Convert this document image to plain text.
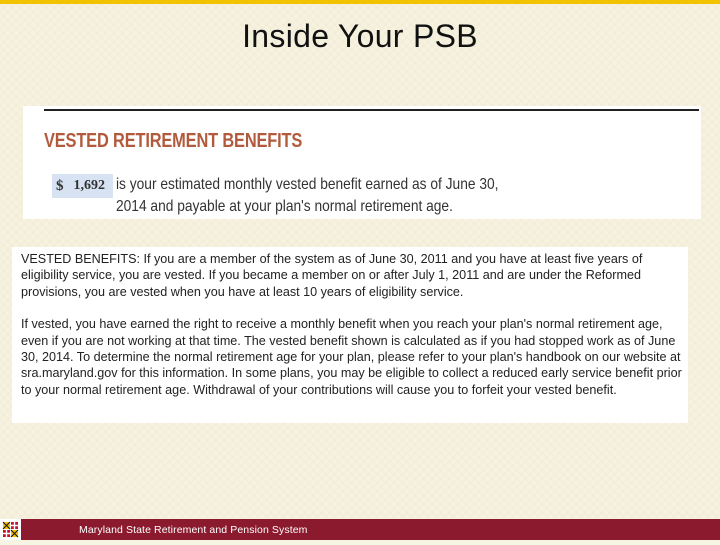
Inside Your PSB
VESTED RETIREMENT BENEFITS
$ 1,692 is your estimated monthly vested benefit earned as of June 30, 2014 and payable at your plan's normal retirement age.

VESTED BENEFITS: If you are a member of the system as of June 30, 2011 and you have at least five years of eligibility service, you are vested. If you became a member on or after July 1, 2011 and are under the Reformed provisions, you are vested when you have at least 10 years of eligibility service.

If vested, you have earned the right to receive a monthly benefit when you reach your plan's normal retirement age, even if you are not working at that time. The vested benefit shown is calculated as if you had stopped work as of June 30, 2014. To determine the normal retirement age for your plan, please refer to your plan's handbook on our website at sra.maryland.gov for this information. In some plans, you may be eligible to collect a reduced early service benefit prior to your normal retirement age. Withdrawal of your contributions will cause you to forfeit your vested benefit.

Maryland State Retirement and Pension System
